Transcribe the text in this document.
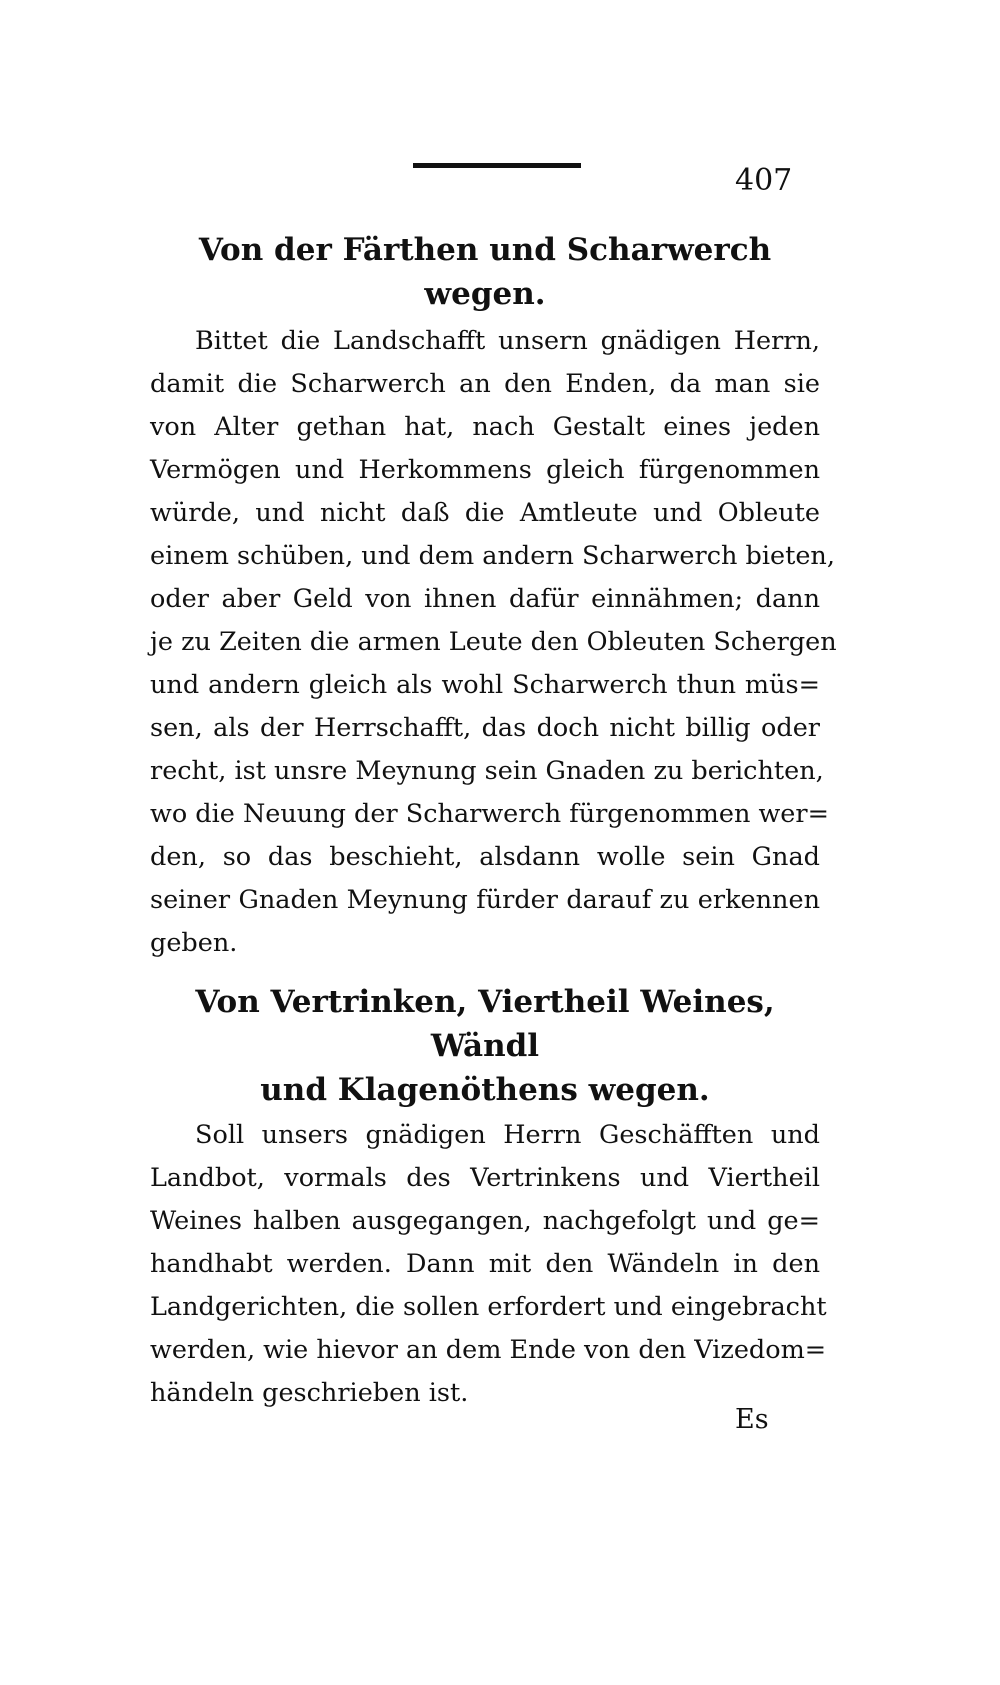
407
Von der Färthen und Scharwerch wegen.
Bittet die Landschafft unsern gnädigen Herrn,
damit die Scharwerch an den Enden, da man sie
von Alter gethan hat, nach Gestalt eines jeden
Vermögen und Herkommens gleich fürgenommen
würde, und nicht daß die Amtleute und Obleute
einem schüben, und dem andern Scharwerch bieten,
oder aber Geld von ihnen dafür einnähmen; dann
je zu Zeiten die armen Leute den Obleuten Schergen
und andern gleich als wohl Scharwerch thun müs=
sen, als der Herrschafft, das doch nicht billig oder
recht, ist unsre Meynung sein Gnaden zu berichten,
wo die Neuung der Scharwerch fürgenommen wer=
den, so das beschieht, alsdann wolle sein Gnad
seiner Gnaden Meynung fürder darauf zu erkennen
geben.
Von Vertrinken, Viertheil Weines, Wändl
und Klagenöthens wegen.
Soll unsers gnädigen Herrn Geschäfften und
Landbot, vormals des Vertrinkens und Viertheil
Weines halben ausgegangen, nachgefolgt und ge=
handhabt werden. Dann mit den Wändeln in den
Landgerichten, die sollen erfordert und eingebracht
werden, wie hievor an dem Ende von den Vizedom=
händeln geschrieben ist.
Es
